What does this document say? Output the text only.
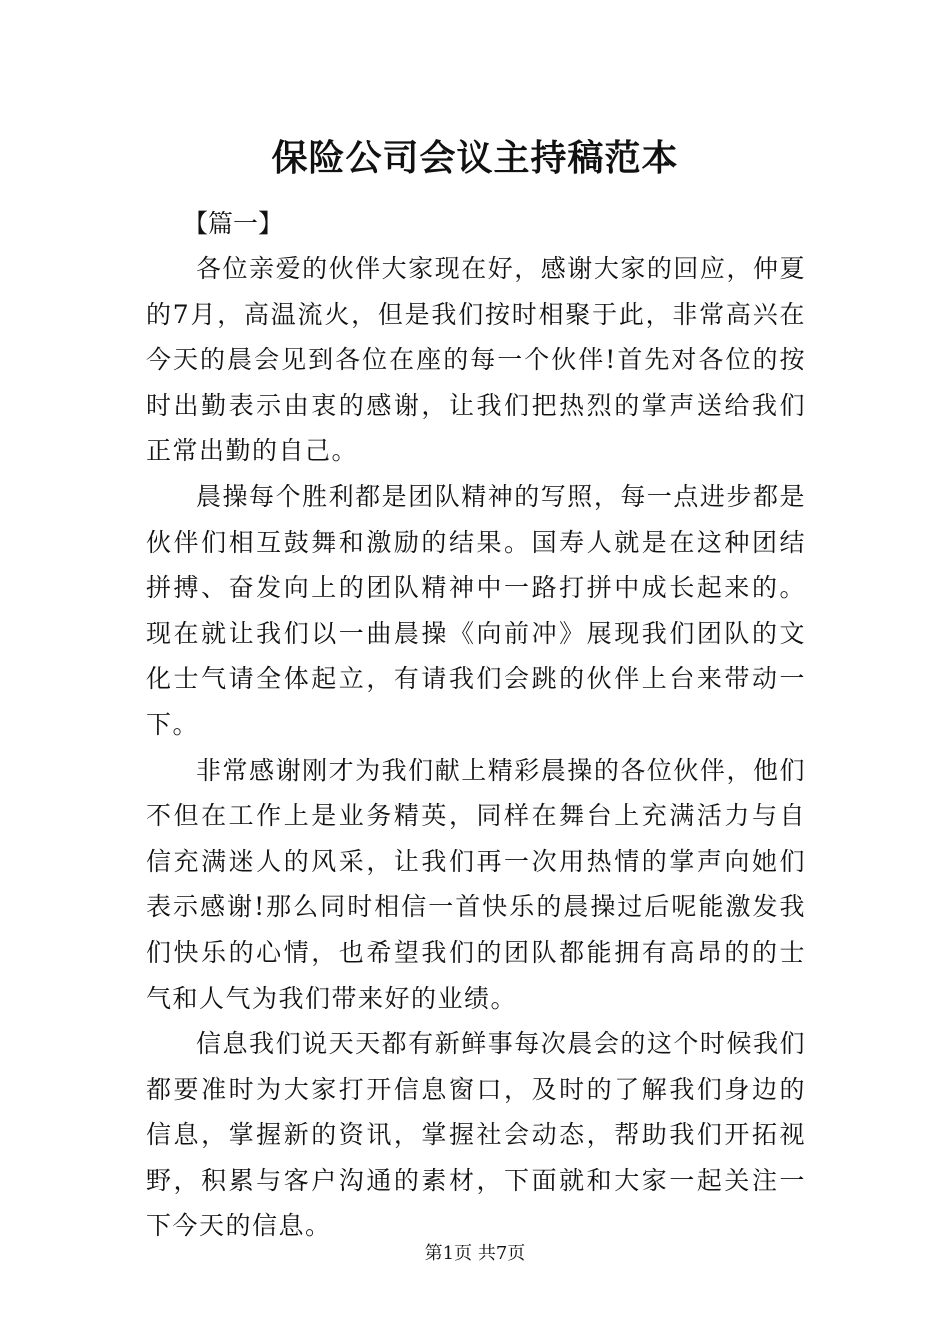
保险公司会议主持稿范本
【篇一】

各位亲爱的伙伴大家现在好，感谢大家的回应，仲夏的7月，高温流火，但是我们按时相聚于此，非常高兴在今天的晨会见到各位在座的每一个伙伴!首先对各位的按时出勤表示由衷的感谢，让我们把热烈的掌声送给我们正常出勤的自己。

晨操每个胜利都是团队精神的写照，每一点进步都是伙伴们相互鼓舞和激励的结果。国寿人就是在这种团结拼搏、奋发向上的团队精神中一路打拼中成长起来的。现在就让我们以一曲晨操《向前冲》展现我们团队的文化士气请全体起立，有请我们会跳的伙伴上台来带动一下。

非常感谢刚才为我们献上精彩晨操的各位伙伴，他们不但在工作上是业务精英，同样在舞台上充满活力与自信充满迷人的风采，让我们再一次用热情的掌声向她们表示感谢!那么同时相信一首快乐的晨操过后呢能激发我们快乐的心情，也希望我们的团队都能拥有高昂的的士气和人气为我们带来好的业绩。

信息我们说天天都有新鲜事每次晨会的这个时候我们都要准时为大家打开信息窗口，及时的了解我们身边的信息，掌握新的资讯，掌握社会动态，帮助我们开拓视野，积累与客户沟通的素材，下面就和大家一起关注一下今天的信息。

第1页 共7页
